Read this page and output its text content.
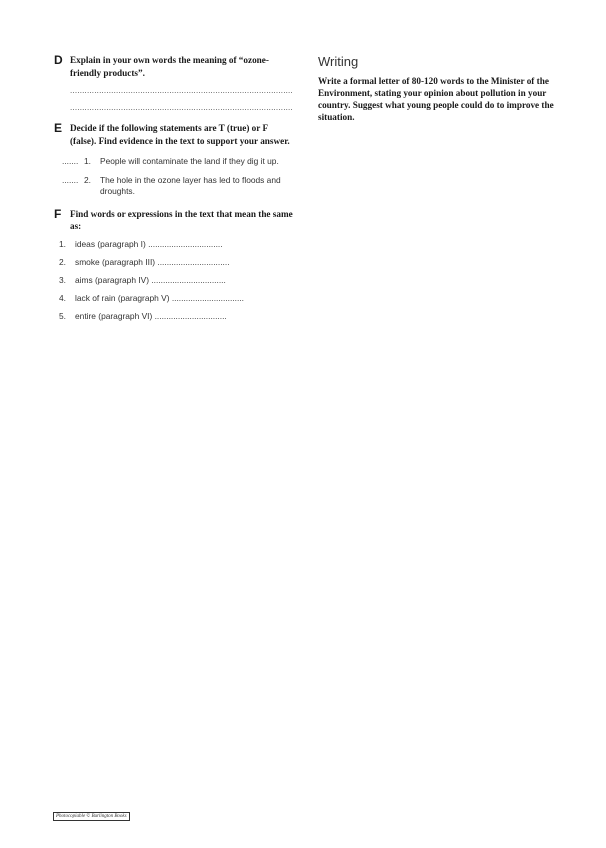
D Explain in your own words the meaning of “ozone-friendly products”.
............................................................................................
............................................................................................
E Decide if the following statements are T (true) or F (false). Find evidence in the text to support your answer.
....... 1.	People will contaminate the land if they dig it up.
....... 2.	The hole in the ozone layer has led to floods and droughts.
F Find words or expressions in the text that mean the same as:
1.	ideas (paragraph I) ................................
2.	smoke (paragraph III) ...............................
3.	aims (paragraph IV) ................................
4.	lack of rain (paragraph V) ...............................
5.	entire (paragraph VI) ...............................
Writing
Write a formal letter of 80-120 words to the Minister of the Environment, stating your opinion about pollution in your country. Suggest what young people could do to improve the situation.
Photocopiable © Burlington Books
